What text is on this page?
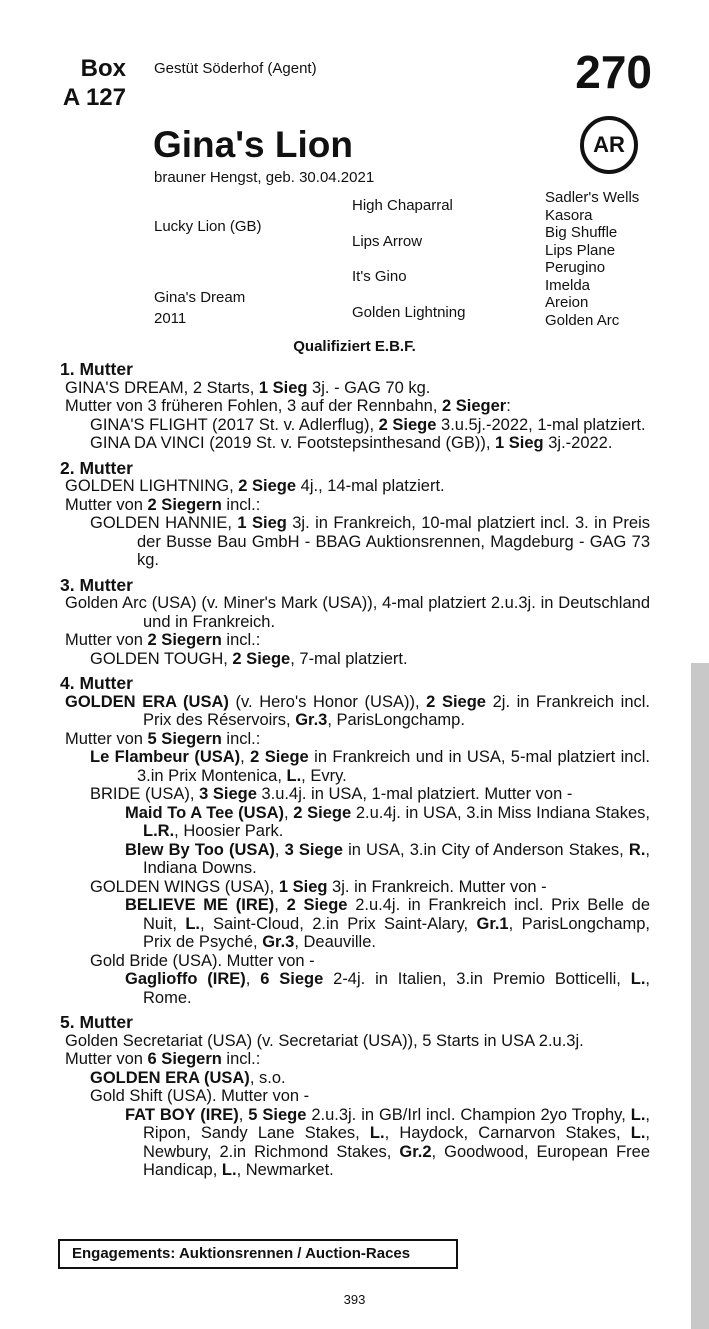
Box
A 127
Gestüt Söderhof (Agent)	270
Gina's Lion	AR
brauner Hengst, geb. 30.04.2021
Lucky Lion (GB)
Gina's Dream
2011
High Chaparral
Lips Arrow
It's Gino
Golden Lightning
Sadler's Wells
Kasora
Big Shuffle
Lips Plane
Perugino
Imelda
Areion
Golden Arc
Qualifiziert E.B.F.
1. Mutter
GINA'S DREAM, 2 Starts, 1 Sieg 3j. - GAG 70 kg.
Mutter von 3 früheren Fohlen, 3 auf der Rennbahn, 2 Sieger:
GINA'S FLIGHT (2017 St. v. Adlerflug), 2 Siege 3.u.5j.-2022, 1-mal platziert.
GINA DA VINCI (2019 St. v. Footstepsinthesand (GB)), 1 Sieg 3j.-2022.
2. Mutter
GOLDEN LIGHTNING, 2 Siege 4j., 14-mal platziert.
Mutter von 2 Siegern incl.:
GOLDEN HANNIE, 1 Sieg 3j. in Frankreich, 10-mal platziert incl. 3. in Preis der Busse Bau GmbH - BBAG Auktionsrennen, Magdeburg - GAG 73 kg.
3. Mutter
Golden Arc (USA) (v. Miner's Mark (USA)), 4-mal platziert 2.u.3j. in Deutschland und in Frankreich.
Mutter von 2 Siegern incl.:
GOLDEN TOUGH, 2 Siege, 7-mal platziert.
4. Mutter
GOLDEN ERA (USA) (v. Hero's Honor (USA)), 2 Siege 2j. in Frankreich incl. Prix des Réservoirs, Gr.3, ParisLongchamp.
Mutter von 5 Siegern incl.:
Le Flambeur (USA), 2 Siege in Frankreich und in USA, 5-mal platziert incl. 3.in Prix Montenica, L., Evry.
BRIDE (USA), 3 Siege 3.u.4j. in USA, 1-mal platziert. Mutter von -
Maid To A Tee (USA), 2 Siege 2.u.4j. in USA, 3.in Miss Indiana Stakes, L.R., Hoosier Park.
Blew By Too (USA), 3 Siege in USA, 3.in City of Anderson Stakes, R., Indiana Downs.
GOLDEN WINGS (USA), 1 Sieg 3j. in Frankreich. Mutter von -
BELIEVE ME (IRE), 2 Siege 2.u.4j. in Frankreich incl. Prix Belle de Nuit, L., Saint-Cloud, 2.in Prix Saint-Alary, Gr.1, ParisLongchamp, Prix de Psyché, Gr.3, Deauville.
Gold Bride (USA). Mutter von -
Gaglioffo (IRE), 6 Siege 2-4j. in Italien, 3.in Premio Botticelli, L., Rome.
5. Mutter
Golden Secretariat (USA) (v. Secretariat (USA)), 5 Starts in USA 2.u.3j.
Mutter von 6 Siegern incl.:
GOLDEN ERA (USA), s.o.
Gold Shift (USA). Mutter von -
FAT BOY (IRE), 5 Siege 2.u.3j. in GB/Irl incl. Champion 2yo Trophy, L., Ripon, Sandy Lane Stakes, L., Haydock, Carnarvon Stakes, L., Newbury, 2.in Richmond Stakes, Gr.2, Goodwood, European Free Handicap, L., Newmarket.
Engagements: Auktionsrennen / Auction-Races
393
